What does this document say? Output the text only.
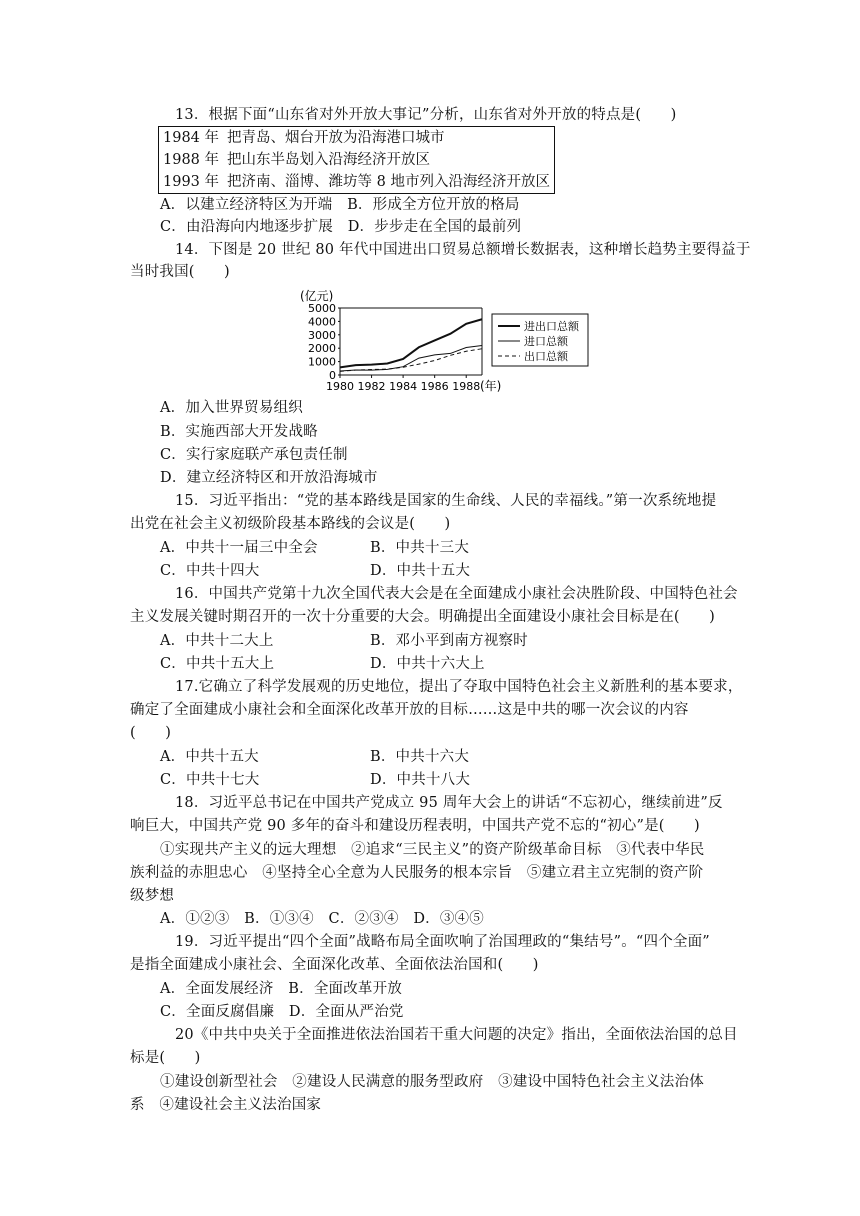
13．根据下面“山东省对外开放大事记”分析，山东省对外开放的特点是(　　)
1984 年	把青岛、烟台开放为沿海港口城市
1988 年	把山东半岛划入沿海经济开放区
1993 年	把济南、淄博、潍坊等 8 地市列入沿海经济开放区
A．以建立经济特区为开端　B．形成全方位开放的格局
C．由沿海向内地逐步扩展　D．步步走在全国的最前列
14．下图是 20 世纪 80 年代中国进出口贸易总额增长数据表，这种增长趋势主要得益于
当时我国(　　)
(亿元)
5000
4000
3000
2000
1000
0
1980 1982 1984 1986 1988 (年)
进出口总额
进口总额
出口总额
A．加入世界贸易组织
B．实施西部大开发战略
C．实行家庭联产承包责任制
D．建立经济特区和开放沿海城市
15．习近平指出：“党的基本路线是国家的生命线、人民的幸福线。”第一次系统地提
出党在社会主义初级阶段基本路线的会议是(　　)
A．中共十一届三中全会	B．中共十三大
C．中共十四大	D．中共十五大
16．中国共产党第十九次全国代表大会是在全面建成小康社会决胜阶段、中国特色社会
主义发展关键时期召开的一次十分重要的大会。明确提出全面建设小康社会目标是在(　　)
A．中共十二大上	B．邓小平到南方视察时
C．中共十五大上	D．中共十六大上
17.它确立了科学发展观的历史地位，提出了夺取中国特色社会主义新胜利的基本要求，
确定了全面建成小康社会和全面深化改革开放的目标……这是中共的哪一次会议的内容
(　　)
A．中共十五大	B．中共十六大
C．中共十七大	D．中共十八大
18．习近平总书记在中国共产党成立 95 周年大会上的讲话“不忘初心，继续前进”反
响巨大，中国共产党 90 多年的奋斗和建设历程表明，中国共产党不忘的“初心”是(　　)
①实现共产主义的远大理想　②追求“三民主义”的资产阶级革命目标　③代表中华民
族利益的赤胆忠心　④坚持全心全意为人民服务的根本宗旨　⑤建立君主立宪制的资产阶
级梦想
A．①②③　B．①③④　C．②③④　D．③④⑤
19．习近平提出“四个全面”战略布局全面吹响了治国理政的“集结号”。“四个全面”
是指全面建成小康社会、全面深化改革、全面依法治国和(　　)
A．全面发展经济　B．全面改革开放
C．全面反腐倡廉　D．全面从严治党
20《中共中央关于全面推进依法治国若干重大问题的决定》指出，全面依法治国的总目
标是(　　)
①建设创新型社会　②建设人民满意的服务型政府　③建设中国特色社会主义法治体
系　④建设社会主义法治国家
